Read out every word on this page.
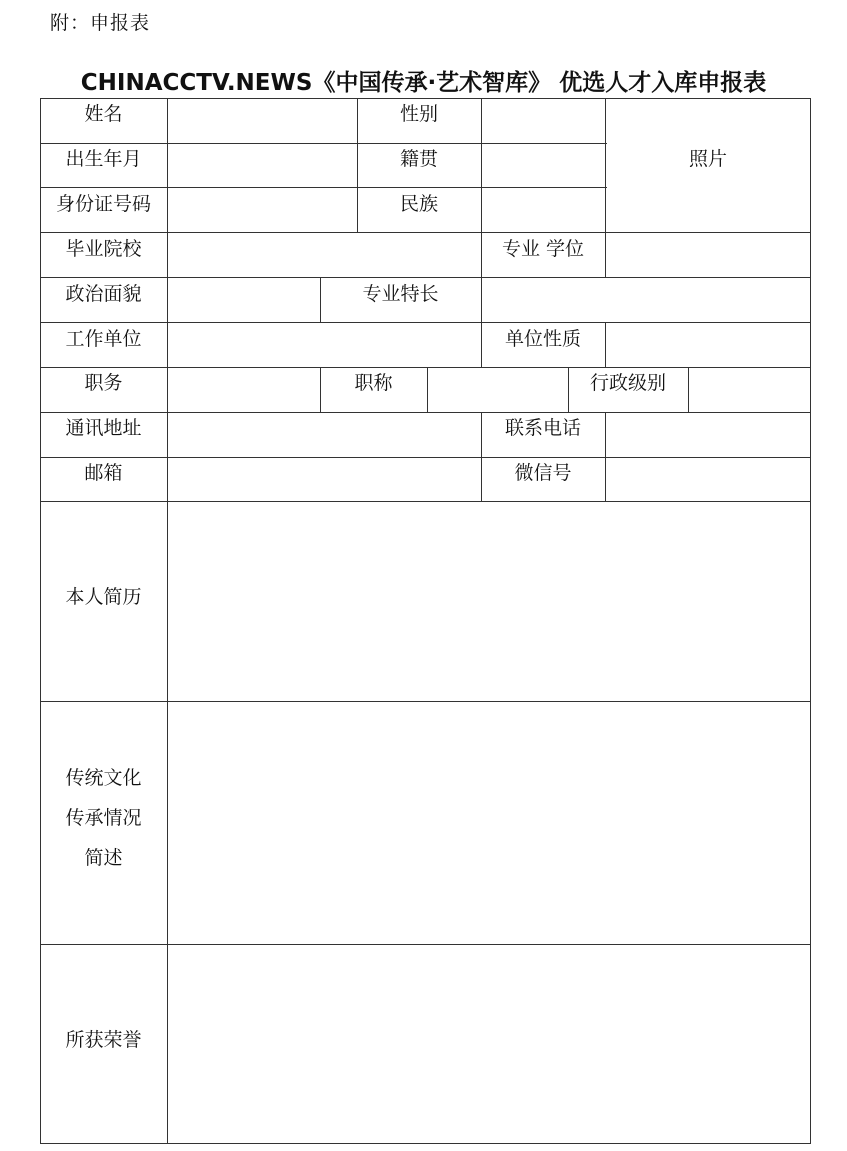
附：申报表
CHINACCTV.NEWS《中国传承·艺术智库》 优选人才入库申报表
姓名	性别
照片
出生年月	籍贯
身份证号码	民族
毕业院校	专业 学位
政治面貌	专业特长
工作单位	单位性质
职务	职称	行政级别
通讯地址	联系电话
邮箱	微信号
本人简历
传统文化
传承情况
简述
所获荣誉
